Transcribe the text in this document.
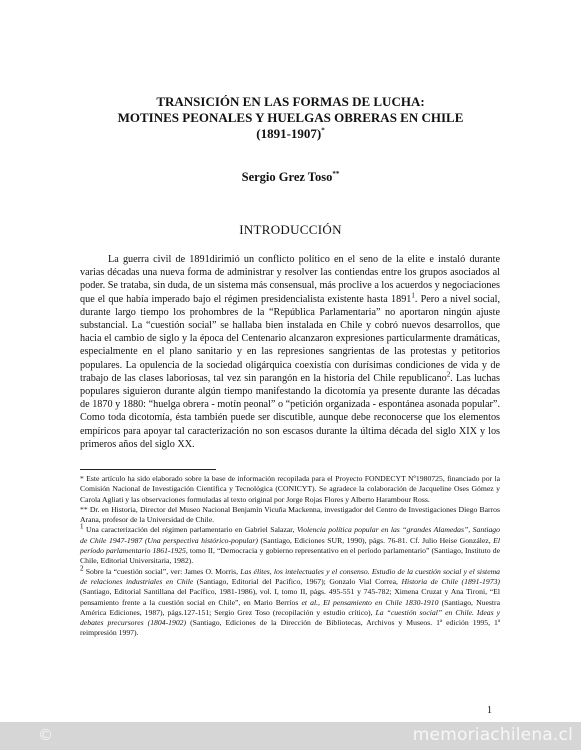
TRANSICIÓN EN LAS FORMAS DE LUCHA:
MOTINES PEONALES Y HUELGAS OBRERAS EN CHILE
(1891-1907)*
Sergio Grez Toso**
INTRODUCCIÓN
La guerra civil de 1891dirimió un conflicto político en el seno de la elite e instaló durante varias décadas una nueva forma de administrar y resolver las contiendas entre los grupos asociados al poder. Se trataba, sin duda, de un sistema más consensual, más proclive a los acuerdos y negociaciones que el que había imperado bajo el régimen presidencialista existente hasta 1891$^1$. Pero a nivel social, durante largo tiempo los prohombres de la “República Parlamentaria” no aportaron ningún ajuste substancial. La “cuestión social” se hallaba bien instalada en Chile y cobró nuevos desarrollos, que hacia el cambio de siglo y la época del Centenario alcanzaron expresiones particularmente dramáticas, especialmente en el plano sanitario y en las represiones sangrientas de las protestas y petitorios populares. La opulencia de la sociedad oligárquica coexistía con durísimas condiciones de vida y de trabajo de las clases laboriosas, tal vez sin parangón en la historia del Chile republicano$^2$. Las luchas populares siguieron durante algún tiempo manifestando la dicotomía ya presente durante las décadas de 1870 y 1880: “huelga obrera - motín peonal” o “petición organizada - espontánea asonada popular”. Como toda dicotomía, ésta también puede ser discutible, aunque debe reconocerse que los elementos empíricos para apoyar tal caracterización no son escasos durante la última década del siglo XIX y los primeros años del siglo XX.

* Este artículo ha sido elaborado sobre la base de información recopilada para el Proyecto FONDECYT Nº1980725, financiado por la Comisión Nacional de Investigación Científica y Tecnológica (CONICYT). Se agradece la colaboración de Jacqueline Oses Gómez y Carola Agliati y las observaciones formuladas al texto original por Jorge Rojas Flores y Alberto Harambour Ross.

** Dr. en Historia, Director del Museo Nacional Benjamín Vicuña Mackenna, investigador del Centro de Investigaciones Diego Barros Arana, profesor de la Universidad de Chile.

$^1$ Una caracterización del régimen parlamentario en Gabriel Salazar, Violencia política popular en las “grandes Alamedas”, Santiago de Chile 1947-1987 (Una perspectiva histórico-popular) (Santiago, Ediciones SUR, 1990), págs. 76-81. Cf. Julio Heise González, El período parlamentario 1861-1925, tomo II, “Democracia y gobierno representativo en el período parlamentario” (Santiago, Instituto de Chile, Editorial Universitaria, 1982).

$^2$ Sobre la “cuestión social”, ver: James O. Morris, Las élites, los intelectuales y el consenso. Estudio de la cuestión social y el sistema de relaciones industriales en Chile (Santiago, Editorial del Pacífico, 1967); Gonzalo Vial Correa, Historia de Chile (1891-1973) (Santiago, Editorial Santillana del Pacífico, 1981-1986), vol. I, tomo II, págs. 495-551 y 745-782; Ximena Cruzat y Ana Tironi, “El pensamiento frente a la cuestión social en Chile”, en Mario Berríos et al., El pensamiento en Chile 1830-1910 (Santiago, Nuestra América Ediciones, 1987), págs.127-151; Sergio Grez Toso (recopilación y estudio crítico), La “cuestión social” en Chile. Ideas y debates precursores (1804-1902) (Santiago, Ediciones de la Dirección de Bibliotecas, Archivos y Museos. 1ª edición 1995, 1ª reimpresión 1997).

1
©	memoriachilena.cl
